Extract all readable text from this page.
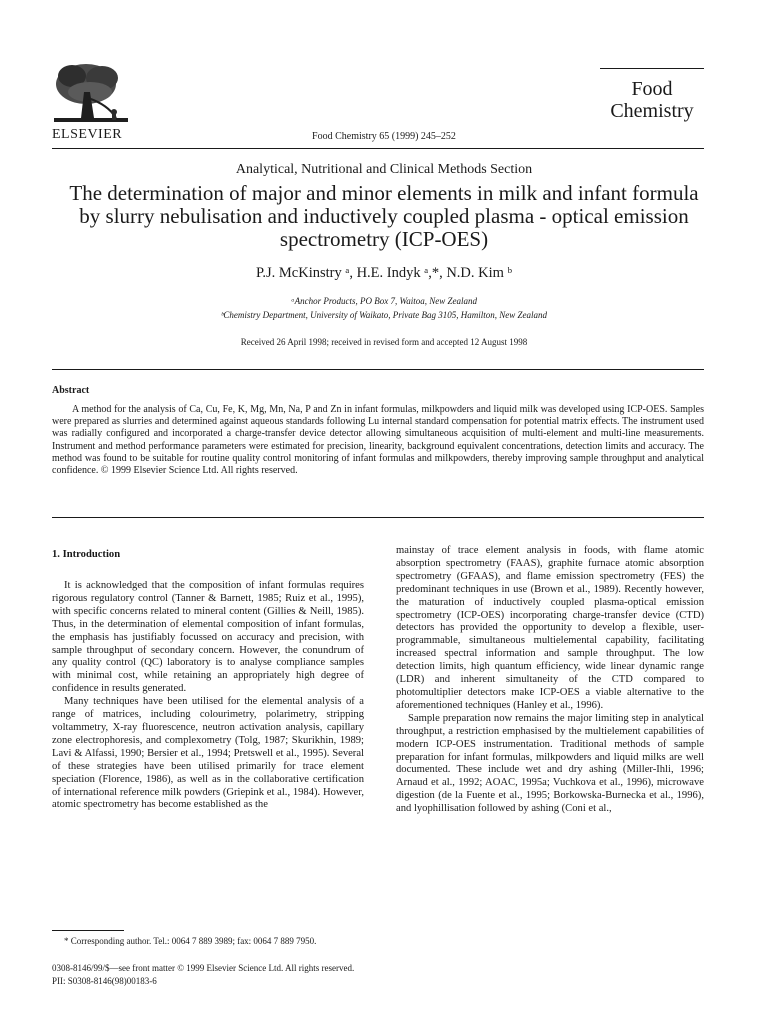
ELSEVIER	Food Chemistry 65 (1999) 245–252
Food
Chemistry
Analytical, Nutritional and Clinical Methods Section
The determination of major and minor elements in milk and infant formula by slurry nebulisation and inductively coupled plasma - optical emission spectrometry (ICP-OES)
P.J. McKinstry ᵃ, H.E. Indyk ᵃ,*, N.D. Kim ᵇ
ᵃAnchor Products, PO Box 7, Waitoa, New Zealand
ᵇChemistry Department, University of Waikato, Private Bag 3105, Hamilton, New Zealand
Received 26 April 1998; received in revised form and accepted 12 August 1998
Abstract

A method for the analysis of Ca, Cu, Fe, K, Mg, Mn, Na, P and Zn in infant formulas, milkpowders and liquid milk was developed using ICP-OES. Samples were prepared as slurries and determined against aqueous standards following Lu internal standard compensation for potential matrix effects. The instrument used was radially configured and incorporated a charge-transfer device detector allowing simultaneous acquisition of multi-element and multi-line measurements. Instrument and method performance parameters were estimated for precision, linearity, background equivalent concentrations, detection limits and accuracy. The method was found to be suitable for routine quality control monitoring of infant formulas and milkpowders, thereby improving sample throughput and analytical confidence. © 1999 Elsevier Science Ltd. All rights reserved.

1. Introduction

It is acknowledged that the composition of infant formulas requires rigorous regulatory control (Tanner & Barnett, 1985; Ruiz et al., 1995), with specific concerns related to mineral content (Gillies & Neill, 1985). Thus, in the determination of elemental composition of infant formulas, the emphasis has justifiably focussed on accuracy and precision, with sample throughput of secondary concern. However, the conundrum of any quality control (QC) laboratory is to analyse compliance samples with minimal cost, while retaining an appropriately high degree of confidence in results generated.

Many techniques have been utilised for the elemental analysis of a range of matrices, including colourimetry, polarimetry, stripping voltammetry, X-ray fluorescence, neutron activation analysis, capillary zone electrophoresis, and complexometry (Tolg, 1987; Skurikhin, 1989; Lavi & Alfassi, 1990; Bersier et al., 1994; Pretswell et al., 1995). Several of these strategies have been utilised primarily for trace element speciation (Florence, 1986), as well as in the collaborative certification of international reference milk powders (Griepink et al., 1984). However, atomic spectrometry has become established as the

mainstay of trace element analysis in foods, with flame atomic absorption spectrometry (FAAS), graphite furnace atomic absorption spectrometry (GFAAS), and flame emission spectrometry (FES) the predominant techniques in use (Brown et al., 1989). Recently however, the maturation of inductively coupled plasma-optical emission spectrometry (ICP-OES) incorporating charge-transfer device (CTD) detectors has provided the opportunity to develop a flexible, user-programmable, simultaneous multielemental capability, facilitating increased spectral information and sample throughput. The low detection limits, high quantum efficiency, wide linear dynamic range (LDR) and inherent simultaneity of the CTD compared to photomultiplier detectors make ICP-OES a viable alternative to the aforementioned techniques (Hanley et al., 1996).

Sample preparation now remains the major limiting step in analytical throughput, a restriction emphasised by the multielement capabilities of modern ICP-OES instrumentation. Traditional methods of sample preparation for infant formulas, milkpowders and liquid milks are well documented. These include wet and dry ashing (Miller-Ihli, 1996; Arnaud et al., 1992; AOAC, 1995a; Vuchkova et al., 1996), microwave digestion (de la Fuente et al., 1995; Borkowska-Burnecka et al., 1996), and lyophillisation followed by ashing (Coni et al.,

* Corresponding author. Tel.: 0064 7 889 3989; fax: 0064 7 889 7950.
0308-8146/99/$—see front matter © 1999 Elsevier Science Ltd. All rights reserved.
PII: S0308-8146(98)00183-6
